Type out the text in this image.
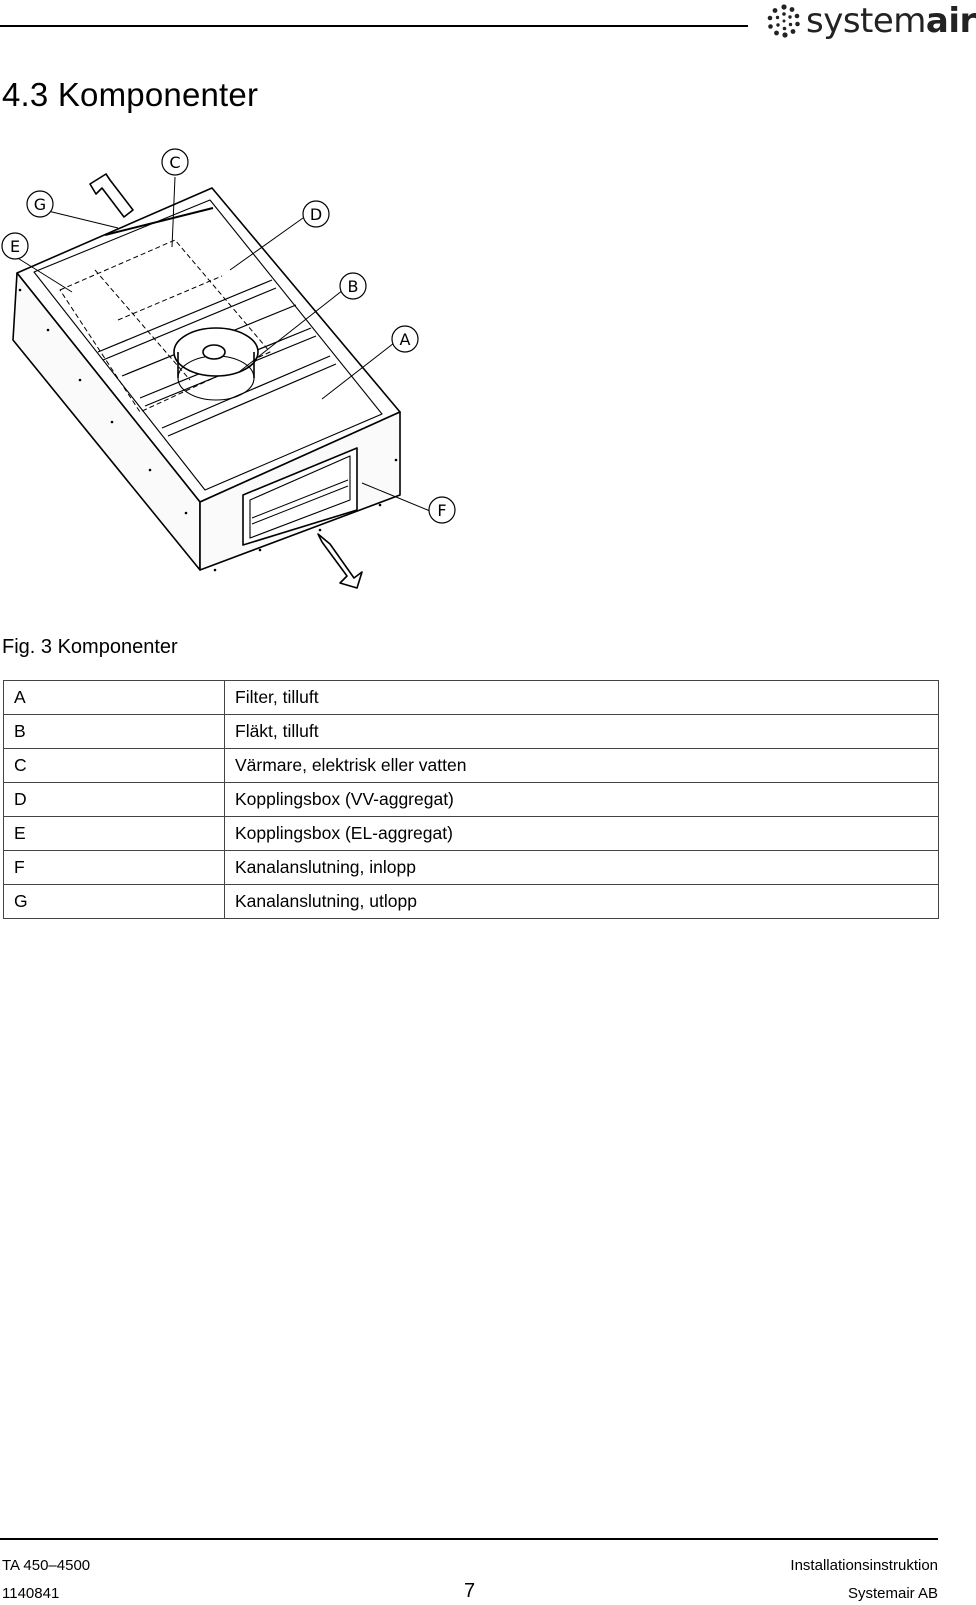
systemair
4.3 Komponenter
C
G
E
D
B
A
F
Fig. 3 Komponenter
A	Filter, tilluft
B	Fläkt, tilluft
C	Värmare, elektrisk eller vatten
D	Kopplingsbox (VV-aggregat)
E	Kopplingsbox (EL-aggregat)
F	Kanalanslutning, inlopp
G	Kanalanslutning, utlopp
TA 450–4500
1140841	7
Installationsinstruktion
Systemair AB
